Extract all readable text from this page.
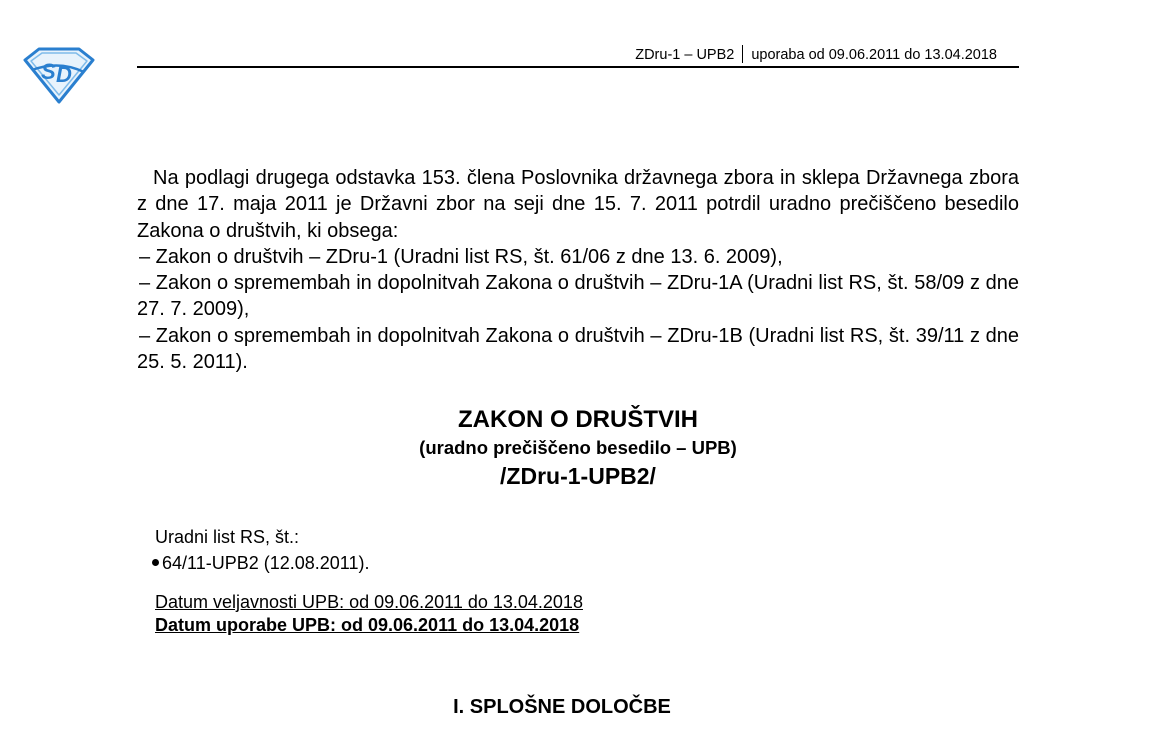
S D
ZDru-1 – UPB2 uporaba od 09.06.2011 do 13.04.2018

Na podlagi drugega odstavka 153. člena Poslovnika državnega zbora in sklepa Državnega zbora z dne 17. maja 2011 je Državni zbor na seji dne 15. 7. 2011 potrdil uradno prečiščeno besedilo Zakona o društvih, ki obsega:

– Zakon o društvih – ZDru-1 (Uradni list RS, št. 61/06 z dne 13. 6. 2009),

– Zakon o spremembah in dopolnitvah Zakona o društvih – ZDru-1A (Uradni list RS, št. 58/09 z dne 27. 7. 2009),

– Zakon o spremembah in dopolnitvah Zakona o društvih – ZDru-1B (Uradni list RS, št. 39/11 z dne 25. 5. 2011).

ZAKON O DRUŠTVIH
(uradno prečiščeno besedilo – UPB)
/ZDru-1-UPB2/

Uradni list RS, št.:

64/11-UPB2 (12.08.2011).

Datum veljavnosti UPB: od 09.06.2011 do 13.04.2018

Datum uporabe UPB: od 09.06.2011 do 13.04.2018

I. SPLOŠNE DOLOČBE
